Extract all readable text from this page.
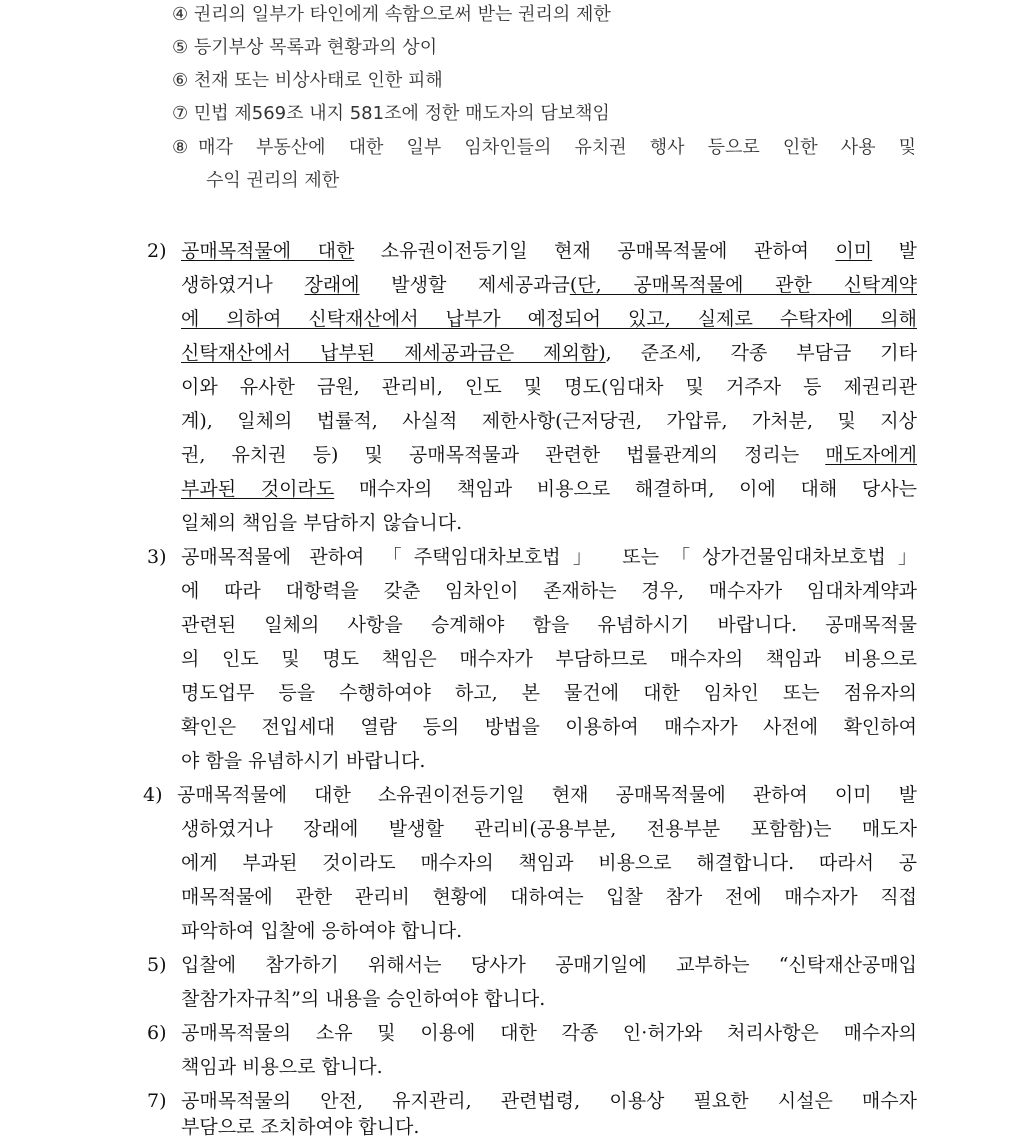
④ 권리의 일부가 타인에게 속함으로써 받는 권리의 제한
⑤ 등기부상 목록과 현황과의 상이
⑥ 천재 또는 비상사태로 인한 피해
⑦ 민법 제569조 내지 581조에 정한 매도자의 담보책임
⑧ 매각 부동산에 대한 일부 임차인들의 유치권 행사 등으로 인한 사용 및
수익 권리의 제한
2) 공매목적물에 대한 소유권이전등기일 현재 공매목적물에 관하여 이미 발
생하였거나 장래에 발생할 제세공과금(단, 공매목적물에 관한 신탁계약
에 의하여 신탁재산에서 납부가 예정되어 있고, 실제로 수탁자에 의해
신탁재산에서 납부된 제세공과금은 제외함), 준조세, 각종 부담금 기타
이와 유사한 금원, 관리비, 인도 및 명도(임대차 및 거주자 등 제권리관
계), 일체의 법률적, 사실적 제한사항(근저당권, 가압류, 가처분, 및 지상
권, 유치권 등) 및 공매목적물과 관련한 법률관계의 정리는 매도자에게
부과된 것이라도 매수자의 책임과 비용으로 해결하며, 이에 대해 당사는
일체의 책임을 부담하지 않습니다.
3) 공매목적물에 관하여 「주택임대차보호법」 또는「상가건물임대차보호법」
에 따라 대항력을 갖춘 임차인이 존재하는 경우, 매수자가 임대차계약과
관련된 일체의 사항을 승계해야 함을 유념하시기 바랍니다. 공매목적물
의 인도 및 명도 책임은 매수자가 부담하므로 매수자의 책임과 비용으로
명도업무 등을 수행하여야 하고, 본 물건에 대한 임차인 또는 점유자의
확인은 전입세대 열람 등의 방법을 이용하여 매수자가 사전에 확인하여
야 함을 유념하시기 바랍니다.
4) 공매목적물에 대한 소유권이전등기일 현재 공매목적물에 관하여 이미 발
생하였거나 장래에 발생할 관리비(공용부분, 전용부분 포함함)는 매도자
에게 부과된 것이라도 매수자의 책임과 비용으로 해결합니다. 따라서 공
매목적물에 관한 관리비 현황에 대하여는 입찰 참가 전에 매수자가 직접
파악하여 입찰에 응하여야 합니다.
5) 입찰에 참가하기 위해서는 당사가 공매기일에 교부하는 “신탁재산공매입
찰참가자규칙”의 내용을 승인하여야 합니다.
6) 공매목적물의 소유 및 이용에 대한 각종 인·허가와 처리사항은 매수자의
책임과 비용으로 합니다.
7) 공매목적물의 안전, 유지관리, 관련법령, 이용상 필요한 시설은 매수자
부담으로 조치하여야 합니다.
